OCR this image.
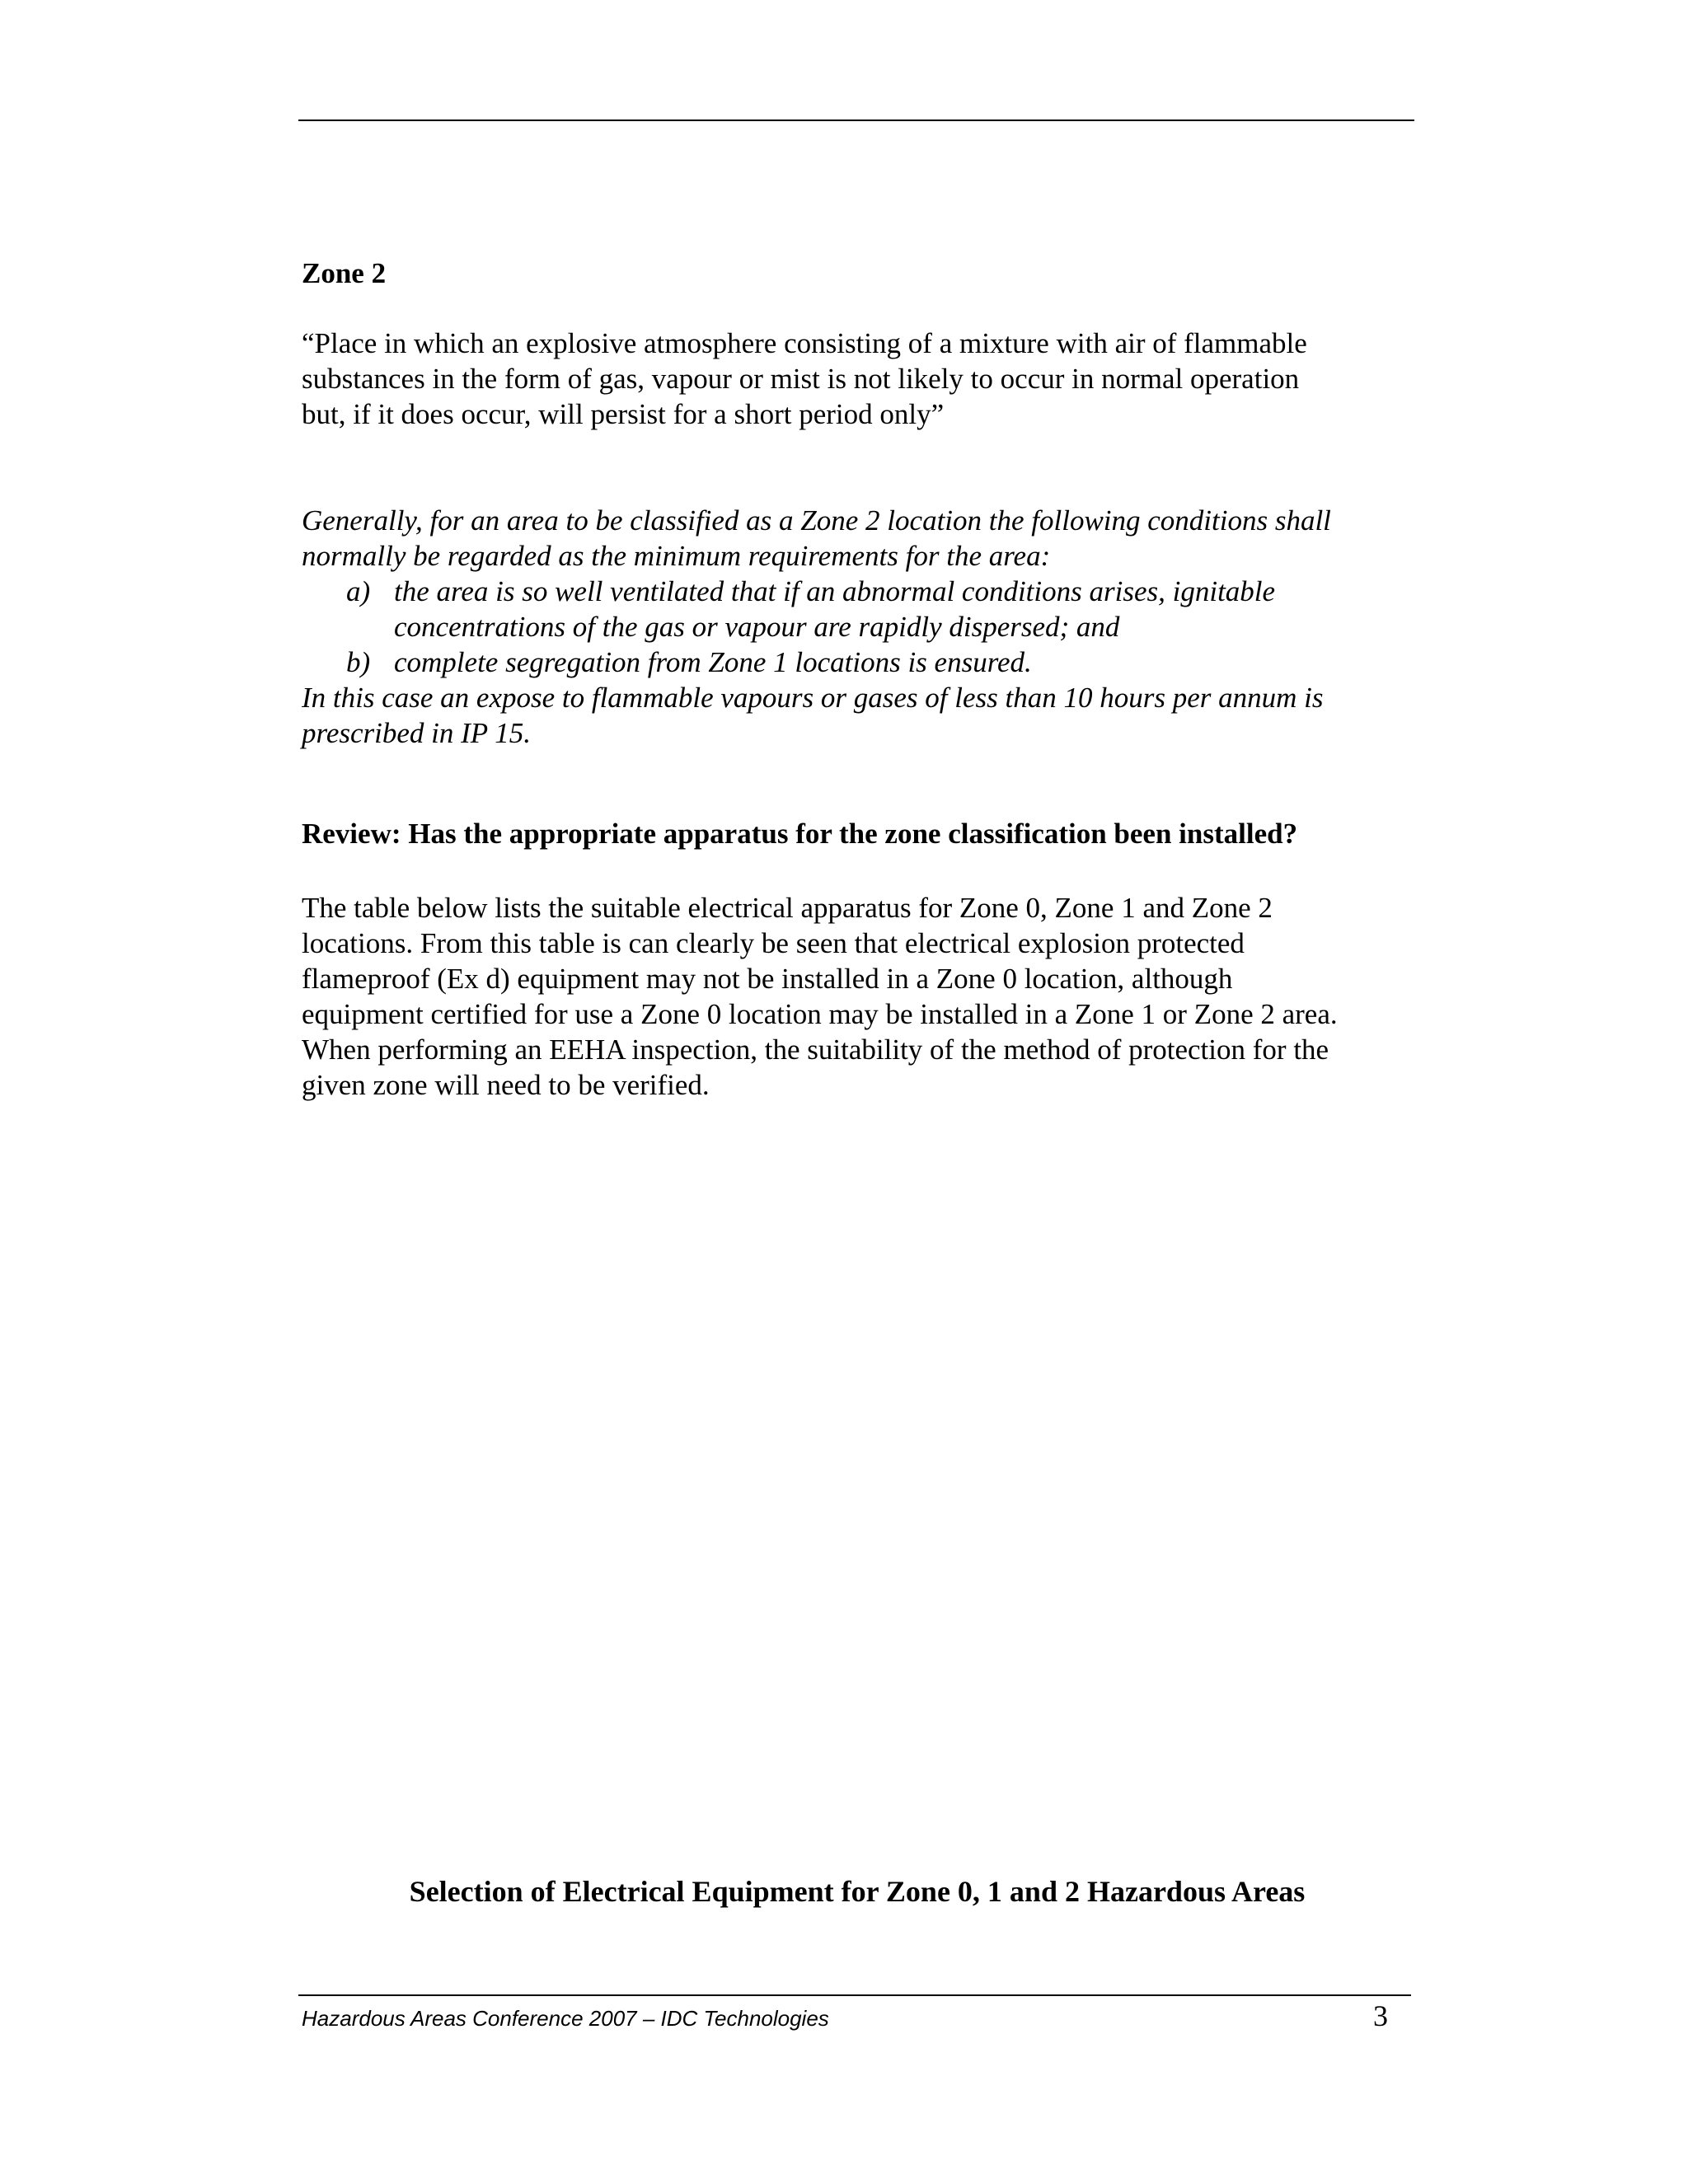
Zone 2
“Place in which an explosive atmosphere consisting of a mixture with air of flammable
substances in the form of gas, vapour or mist is not likely to occur in normal operation
but, if it does occur, will persist for a short period only”
Generally, for an area to be classified as a Zone 2 location the following conditions shall
normally be regarded as the minimum requirements for the area:
a) the area is so well ventilated that if an abnormal conditions arises, ignitable
concentrations of the gas or vapour are rapidly dispersed; and
b) complete segregation from Zone 1 locations is ensured.
In this case an expose to flammable vapours or gases of less than 10 hours per annum is
prescribed in IP 15.
Review: Has the appropriate apparatus for the zone classification been installed?
The table below lists the suitable electrical apparatus for Zone 0, Zone 1 and Zone 2
locations. From this table is can clearly be seen that electrical explosion protected
flameproof (Ex d) equipment may not be installed in a Zone 0 location, although
equipment certified for use a Zone 0 location may be installed in a Zone 1 or Zone 2 area.
When performing an EEHA inspection, the suitability of the method of protection for the
given zone will need to be verified.
Selection of Electrical Equipment for Zone 0, 1 and 2 Hazardous Areas
Hazardous Areas Conference 2007 – IDC Technologies	3
